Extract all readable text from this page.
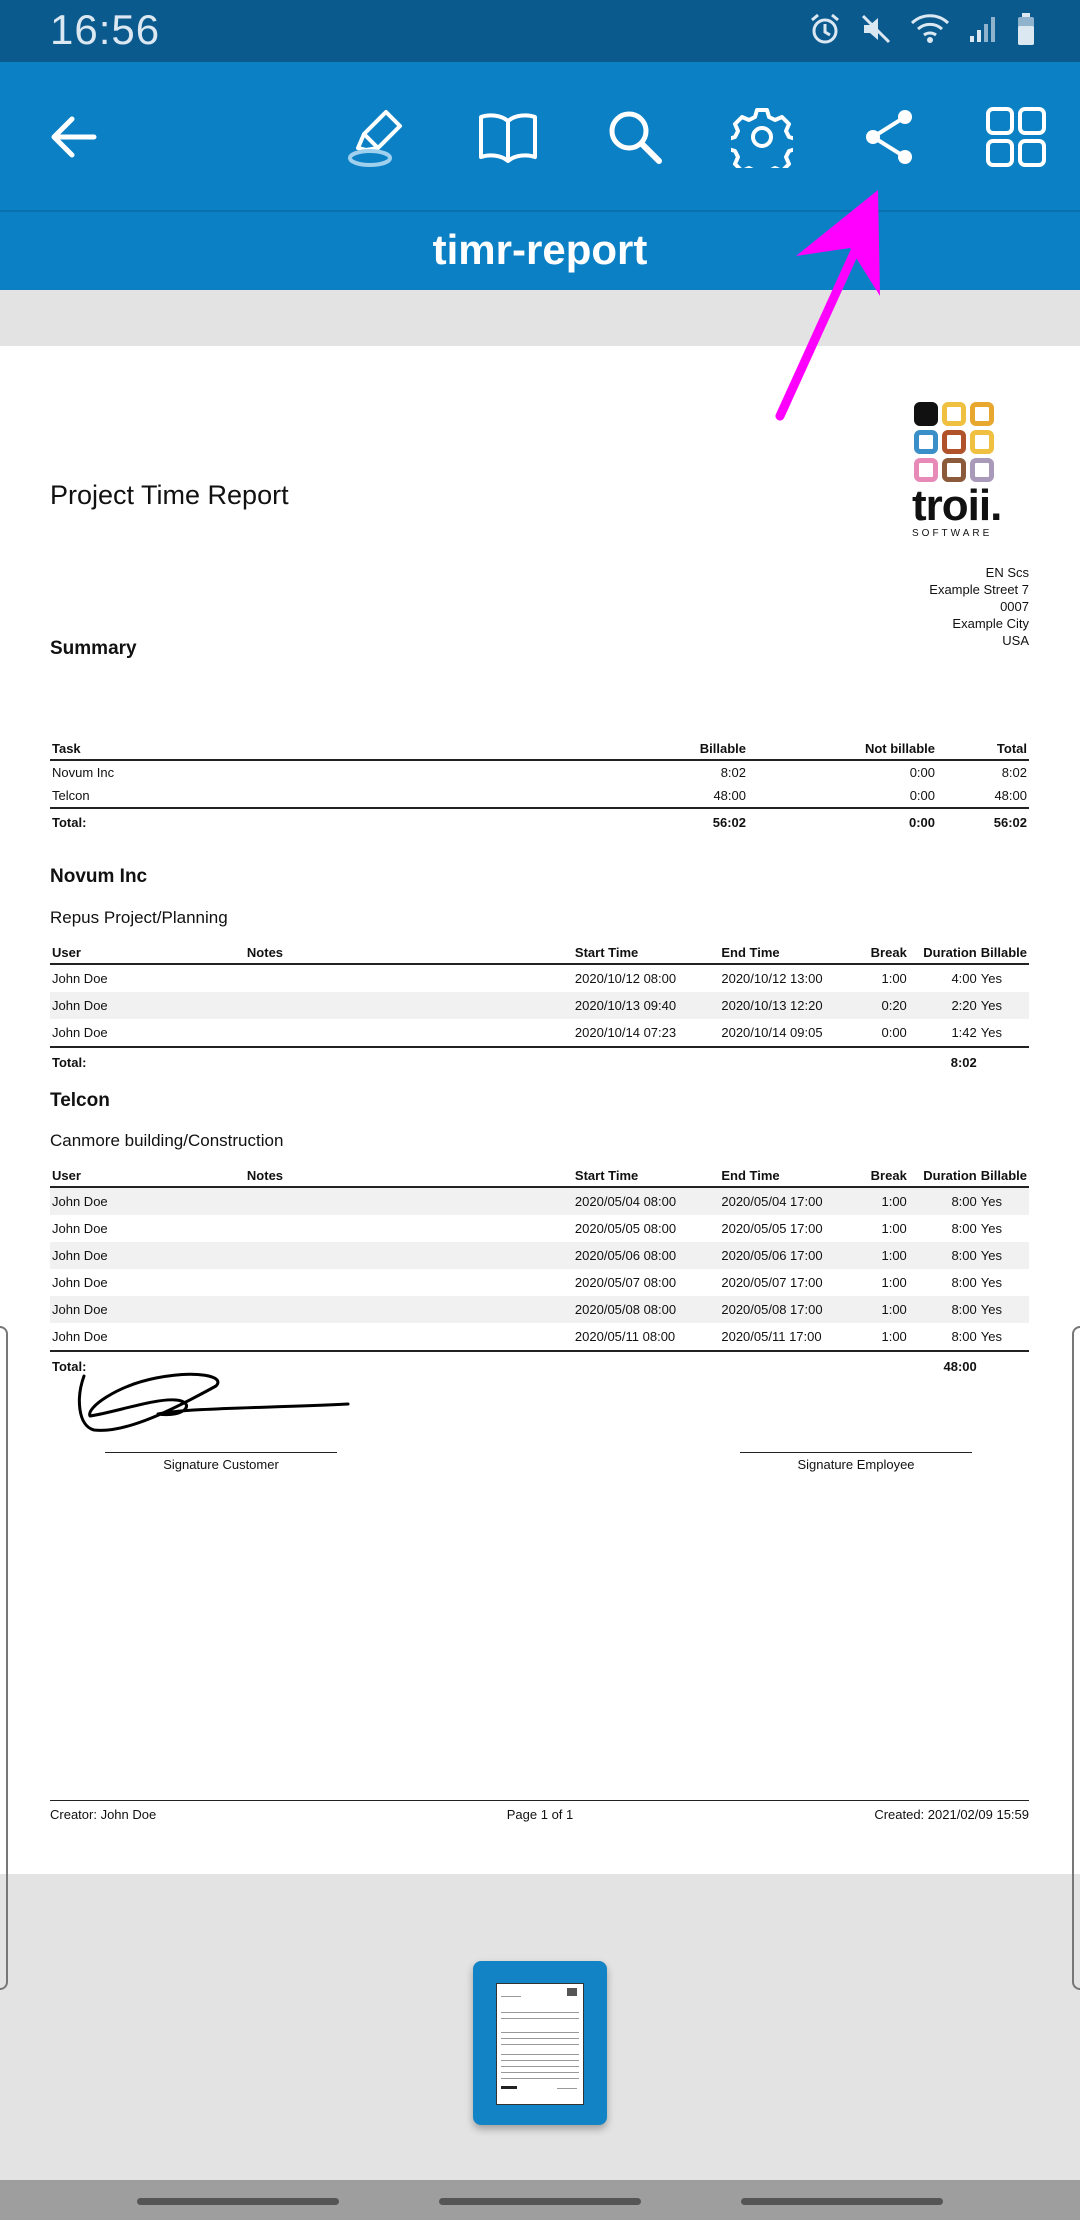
16:56
timr-report
Project Time Report	troii.
SOFTWARE
EN Scs
Example Street 7
0007
Example City
USA
Summary
Task	Billable	Not billable	Total
Novum Inc	8:02	0:00	8:02
Telcon	48:00	0:00	48:00
Total:	56:02	0:00	56:02
Novum Inc
Repus Project/Planning
User	Notes	Start Time	End Time	Break	Duration	Billable
John Doe		2020/10/12 08:00	2020/10/12 13:00	1:00	4:00	Yes
John Doe		2020/10/13 09:40	2020/10/13 12:20	0:20	2:20	Yes
John Doe		2020/10/14 07:23	2020/10/14 09:05	0:00	1:42	Yes
Total:					8:02	
Telcon
Canmore building/Construction
User	Notes	Start Time	End Time	Break	Duration	Billable
John Doe		2020/05/04 08:00	2020/05/04 17:00	1:00	8:00	Yes
John Doe		2020/05/05 08:00	2020/05/05 17:00	1:00	8:00	Yes
John Doe		2020/05/06 08:00	2020/05/06 17:00	1:00	8:00	Yes
John Doe		2020/05/07 08:00	2020/05/07 17:00	1:00	8:00	Yes
John Doe		2020/05/08 08:00	2020/05/08 17:00	1:00	8:00	Yes
John Doe		2020/05/11 08:00	2020/05/11 17:00	1:00	8:00	Yes
Total:					48:00	
Signature Customer	Signature Employee
Creator: John Doe	Page 1 of 1	Created: 2021/02/09 15:59
